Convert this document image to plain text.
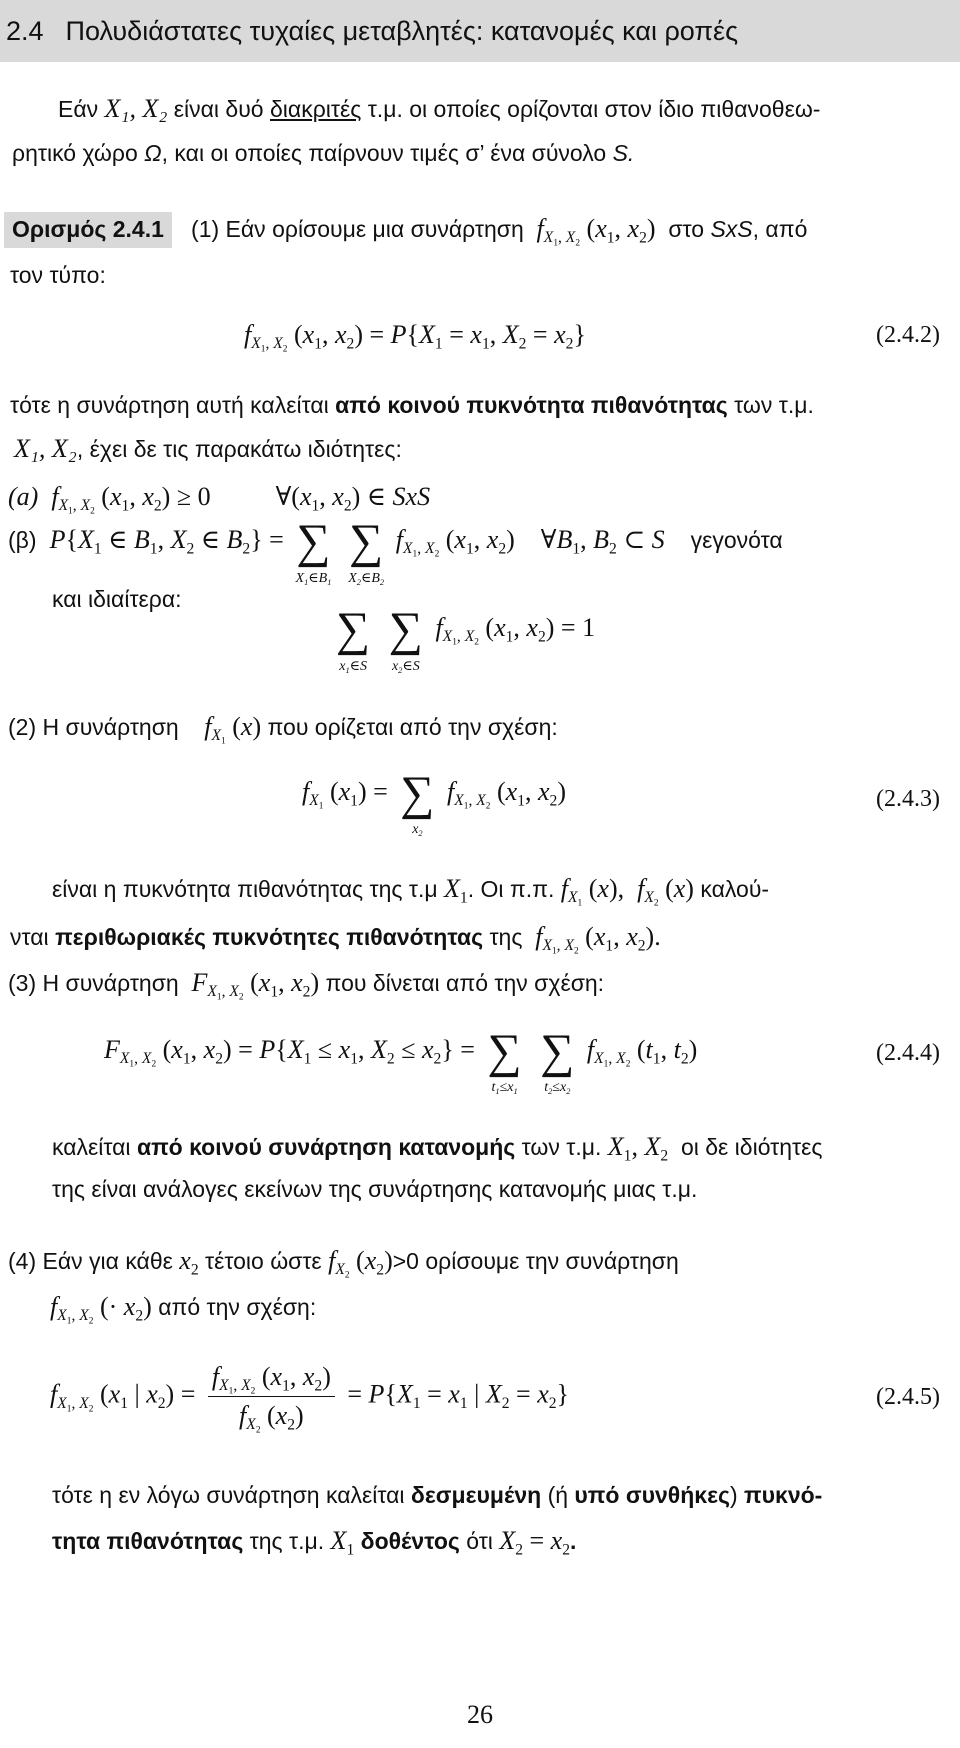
2.4 Πολυδιάστατες τυχαίες μεταβλητές: κατανομές και ροπές
Εάν X₁, X₂ είναι δυό διακριτές τ.μ. οι οποίες ορίζονται στον ίδιο πιθανοθεω-
ρητικό χώρο Ω, και οι οποίες παίρνουν τιμές σ’ ένα σύνολο S.
Ορισμός 2.4.1 (1) Εάν ορίσουμε μια συνάρτηση $f_{X_1, X_2}$ ($x_1$, $x_2$) στο SxS, από
τον τύπο:
$f_{X_1, X_2}$ ($x_1$, $x_2) = P\{X_1 = x_1$, $X_2 = x_2$}	(2.4.2)
τότε η συνάρτηση αυτή καλείται από κοινού πυκνότητα πιθανότητας των τ.μ.
X₁, X₂, έχει δε τις παρακάτω ιδιότητες:
(a) $f_{X_1, X_2}$ ($x_1$, $x_2) \ge 0$          $\forall(x_1$, $x_2$) ∈ SxS
(β) $P\{X_1$ ∈ $B_1$, $X_2$ ∈ $B_2$} = ∑
$X_1\in B_1$

∑
$X_2\in B_2$
$f_{X_1, X_2}$ ($x_1$, $x_2$)    $\forall B_1$, $B_2$ ⊂ S γεγονότα
και ιδιαίτερα:
∑
$x_1\in S$

∑
$x_2\in S$
$f_{X_1, X_2}$ ($x_1$, $x_2) = 1$
(2) Η συνάρτηση $f_{X_1}$ (x) που ορίζεται από την σχέση:
$f_{X_1}$ $(x_1)$ = ∑
$x_2$
$f_{X_1, X_2}$ ($x_1$, $x_2$)	(2.4.3)
είναι η πυκνότητα πιθανότητας της τ.μ $X_1$. Οι π.π. $f_{X_1}$ (x),  $f_{X_2}$ (x) καλού-
νται περιθωριακές πυκνότητες πιθανότητας της $f_{X_1, X_2}$ ($x_1$, $x_2$).
(3) Η συνάρτηση $F_{X_1, X_2}$ ($x_1$, $x_2$) που δίνεται από την σχέση:
$F_{X_1, X_2}$ ($x_1$, $x_2) = P\{X_1 \le x_1$, $X_2 \le x_2$} = ∑
$t_1\le x_1$

∑
$t_2\le x_2$
$f_{X_1, X_2}$ ($t_1$, $t_2$)	(2.4.4)
καλείται από κοινού συνάρτηση κατανομής των τ.μ. $X_1$, $X_2$ οι δε ιδιότητες
της είναι ανάλογες εκείνων της συνάρτησης κατανομής μιας τ.μ.
(4) Εάν για κάθε $x_2$ τέτοιο ώστε $f_{X_2}$ $(x_2)>0$ ορίσουμε την συνάρτηση
$f_{X_1, X_2}$ (· $x_2$) από την σχέση:
$f_{X_1, X_2}$ ($x_1$ | $x_2) = \frac{f_{X_1, X_2} (x_1, x_2)}{f_{X_2} (x_2)} = P\{X_1 = x_1$ | $X_2 = x_2$}	(2.4.5)
τότε η εν λόγω συνάρτηση καλείται δεσμευμένη (ή υπό συνθήκες) πυκνό-
τητα πιθανότητας της τ.μ. $X_1$ δοθέντος ότι $X_2 = x_2$.
26
